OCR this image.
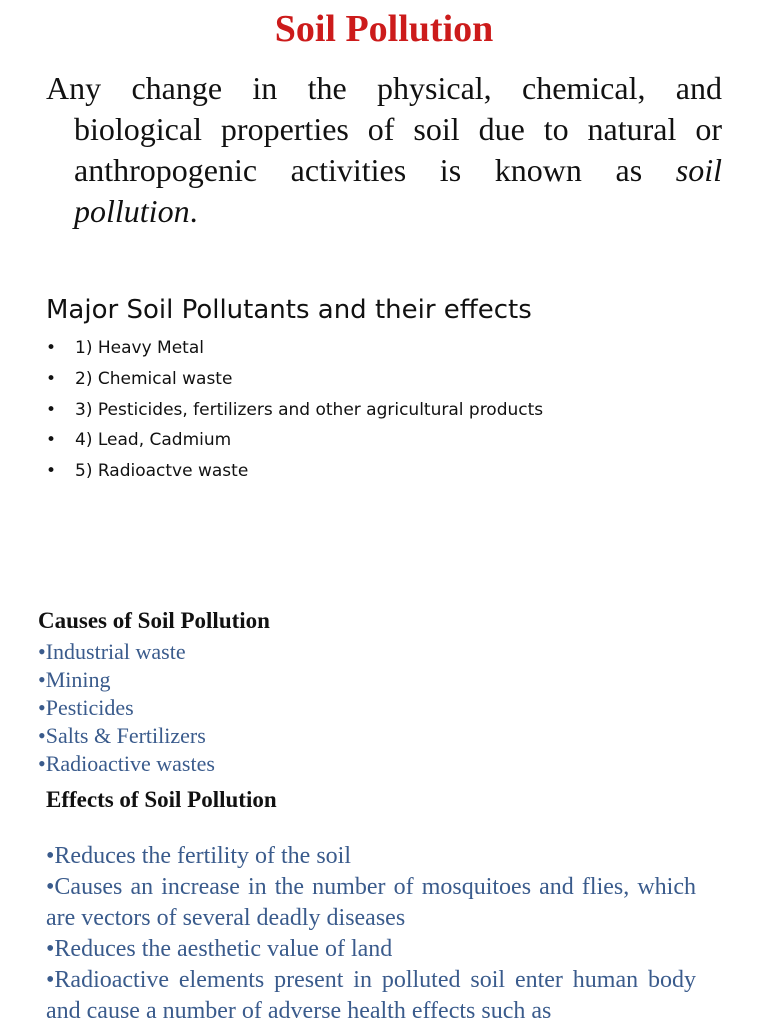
Soil Pollution
Any change in the physical, chemical, and biological properties of soil due to natural or anthropogenic activities is known as soil pollution.
Major Soil Pollutants and their effects
• 1) Heavy Metal
• 2) Chemical waste
• 3) Pesticides, fertilizers and other agricultural products
• 4) Lead, Cadmium
• 5) Radioactve waste
Causes of Soil Pollution
•Industrial waste
•Mining
•Pesticides
•Salts & Fertilizers
•Radioactive wastes
Effects of Soil Pollution
•Reduces the fertility of the soil
•Causes an increase in the number of mosquitoes and flies, which are vectors of several deadly diseases
•Reduces the aesthetic value of land
•Radioactive elements present in polluted soil enter human body and cause a number of adverse health effects such as
